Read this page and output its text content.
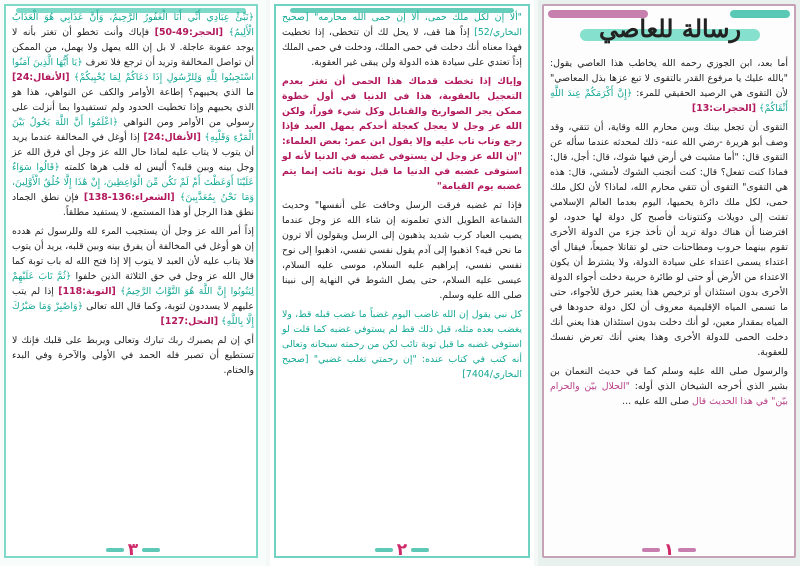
رسالة للعاصي

أما بعد، ابن الجوزي رحمه الله يخاطب هذا العاصي يقول: "بالله عليك يا مرفوع القدر بالتقوى لا تبع عزها بذل المعاصي" لأن التقوى هي الرصيد الحقيقي للمرء: ﴿إِنَّ أَكْرَمَكُمْ عِندَ اللَّهِ أَتْقَاكُمْ﴾ [الحجرات:13]

التقوى أن تجعل بينك وبين محارم الله وقاية، أن تتقي، وقد وصف أبو هريرة -رضي الله عنه- ذلك لمحدثه عندما سأله عن التقوى قال: "أما مشيت في أرض فيها شوك، قال: أجل، قال: فماذا كنت تفعل؟ قال: كنت أتجنب الشوك لأمشي، قال: هذه هي التقوى" التقوى أن تتقي محارم الله، لماذا؟ لأن لكل ملك حمى، لكل ملك دائرة يحميها، اليوم بعدما العالم الإسلامي تفتت إلى دويلات وكنتونات فأصبح كل دولة لها حدود، لو افترضنا أن هناك دولة تريد أن تأخذ جزء من الدولة الأخرى تقوم بينهما حروب ومطاحنات حتى لو تقاتلا جميعاً، فيقال أي اعتداء يسمى اعتداء على سيادة الدولة، ولا يشترط أن يكون الاعتداء من الأرض أو حتى لو طائرة حربية دخلت أجواء الدولة الأخرى بدون استئذان أو ترخيص هذا يعتبر خرق للأجواء، حتى ما تسمى المياه الإقليمية معروف أن لكل دولة حدودها في المياه بمقدار معين، لو أنك دخلت بدون استئذان هذا يعني أنك دخلت الحمى للدولة الأخرى وهذا يعني أنك تعرض نفسك للعقوبة.

والرسول صلى الله عليه وسلم كما في حديث النعمان بن بشير الذي أخرجه الشيخان الذي أوله: "الحلال بيّن والحرام بيّن" في هذا الحديث قال صلى الله عليه ...

١

"ألا إن لكل ملك حمى، ألا إن حمى الله محارمه" [صحيح البخاري/52] إذاً هنا قف، لا يحل لك أن تتخطى، إذا تخطيت فهذا معناه أنك دخلت في حمى الملك، ودخلت في حمى الملك إذاً تعتدي على سيادة هذه الدولة ولن يبقى غير العقوبة.

وإياك إذا تخطت قدماك هذا الحمى أن تغتر بعدم التعجيل بالعقوبة، هذا في الدنيا في أول خطوة ممكن يجر الصواريخ والقنابل وكل شيء فوراً، ولكن الله عز وجل لا يعجل كعجلة أحدكم يمهل العبد فإذا رجع وتاب تاب عليه وإلا يقول ابن عمر: بعض العلماء: "إن الله عز وجل لن يستوفي غضبه في الدنيا لأنه لو استوفى غضبه في الدنيا ما قبل توبة تائب إنما يتم غضبه يوم القيامة"

فإذا تم غضبه فرقت الرسل وخافت على أنفسها" وحديث الشفاعة الطويل الذي تعلمونه إن شاء الله عز وجل عندما يصيب العباد كرب شديد يذهبون إلى الرسل ويقولون ألا ترون ما نحن فيه؟ اذهبوا إلى آدم يقول نفسي نفسي، اذهبوا إلى نوح نفسي نفسي، إبراهيم عليه السلام، موسى عليه السلام، عيسى عليه السلام، حتى يصل الشوط في النهاية إلى نبينا صلى الله عليه وسلم.

كل نبي يقول إن الله غاضب اليوم غضباً ما غضب قبله قط، ولا يغضب بعده مثله، قبل ذلك قط لم يستوفي غضبه كما قلت لو استوفي غضبه ما قبل توبة تائب لكن من رحمته سبحانه وتعالى أنه كتب في كتاب عنده: "إن رحمتي تغلب غضبي" [صحيح البخاري/7404]

٢

﴿نَبِّئْ عِبَادِي أَنِّي أَنَا الْغَفُورُ الرَّحِيمُ، وَأَنَّ عَذَابِي هُوَ الْعَذَابُ الْأَلِيمُ﴾ [الحجر:49-50] فإياك وأنت تخطو أن تغتر بأنه لا يوجد عقوبة عاجلة. لا بل إن الله يمهل ولا يهمل، من الممكن أن تواصل المخالفة وتريد أن ترجع فلا تعرف ﴿يَا أَيُّهَا الَّذِينَ آمَنُوا اسْتَجِيبُوا لِلَّهِ وَلِلرَّسُولِ إِذَا دَعَاكُمْ لِمَا يُحْيِيكُمْ﴾ [الأنفال:24] ما الذي يحييهم؟ إطاعة الأوامر والكف عن النواهي، هذا هو الذي يحييهم وإذا تخطيت الحدود ولم تستفيدوا بما أنزلت على رسولي من الأوامر ومن النواهي ﴿اعْلَمُوا أَنَّ اللَّهَ يَحُولُ بَيْنَ الْمَرْءِ وَقَلْبِهِ﴾ [الأنفال:24] إذا أوغل في المخالفة عندما يريد أن يتوب لا يتاب عليه لماذا حال الله عز وجل أي فرق الله عز وجل بينه وبين قلبه؟ أليس له قلب هرها كلمته ﴿قَالُوا سَوَاءٌ عَلَيْنَا أَوَعَظْتَ أَمْ لَمْ تَكُن مِّنَ الْوَاعِظِينَ، إِنْ هَٰذَا إِلَّا خُلُقُ الْأَوَّلِينَ، وَمَا نَحْنُ بِمُعَذَّبِينَ﴾ [الشعراء:136-138] فإن نطق الجماد نطق هذا الرجل أو هذا المستمع، لا يستفيد مطلقاً.

إذاً أمر الله عز وجل أن يستجيب المرء لله وللرسول ثم هدده إن هو أوغل في المخالفة أن يفرق بينه وبين قلبه، يريد أن يتوب فلا يتاب عليه لأن العبد لا يتوب إلا إذا فتح الله له باب توبة كما قال الله عز وجل في حق الثلاثة الذين خلفوا ﴿ثُمَّ تَابَ عَلَيْهِمْ لِيَتُوبُوا إِنَّ اللَّهَ هُوَ التَّوَّابُ الرَّحِيمُ﴾ [التوبة:118] إذا لم يتب عليهم لا يسددون لتوبة، وكما قال الله تعالى ﴿وَاصْبِرْ وَمَا صَبْرُكَ إِلَّا بِاللَّهِ﴾ [النحل:127]

أي إن لم يصبرك ربك تبارك وتعالى ويربط على قلبك فإنك لا تستطيع أن تصبر فله الحمد في الأولى والآخرة وفي البدء والختام.

٣
